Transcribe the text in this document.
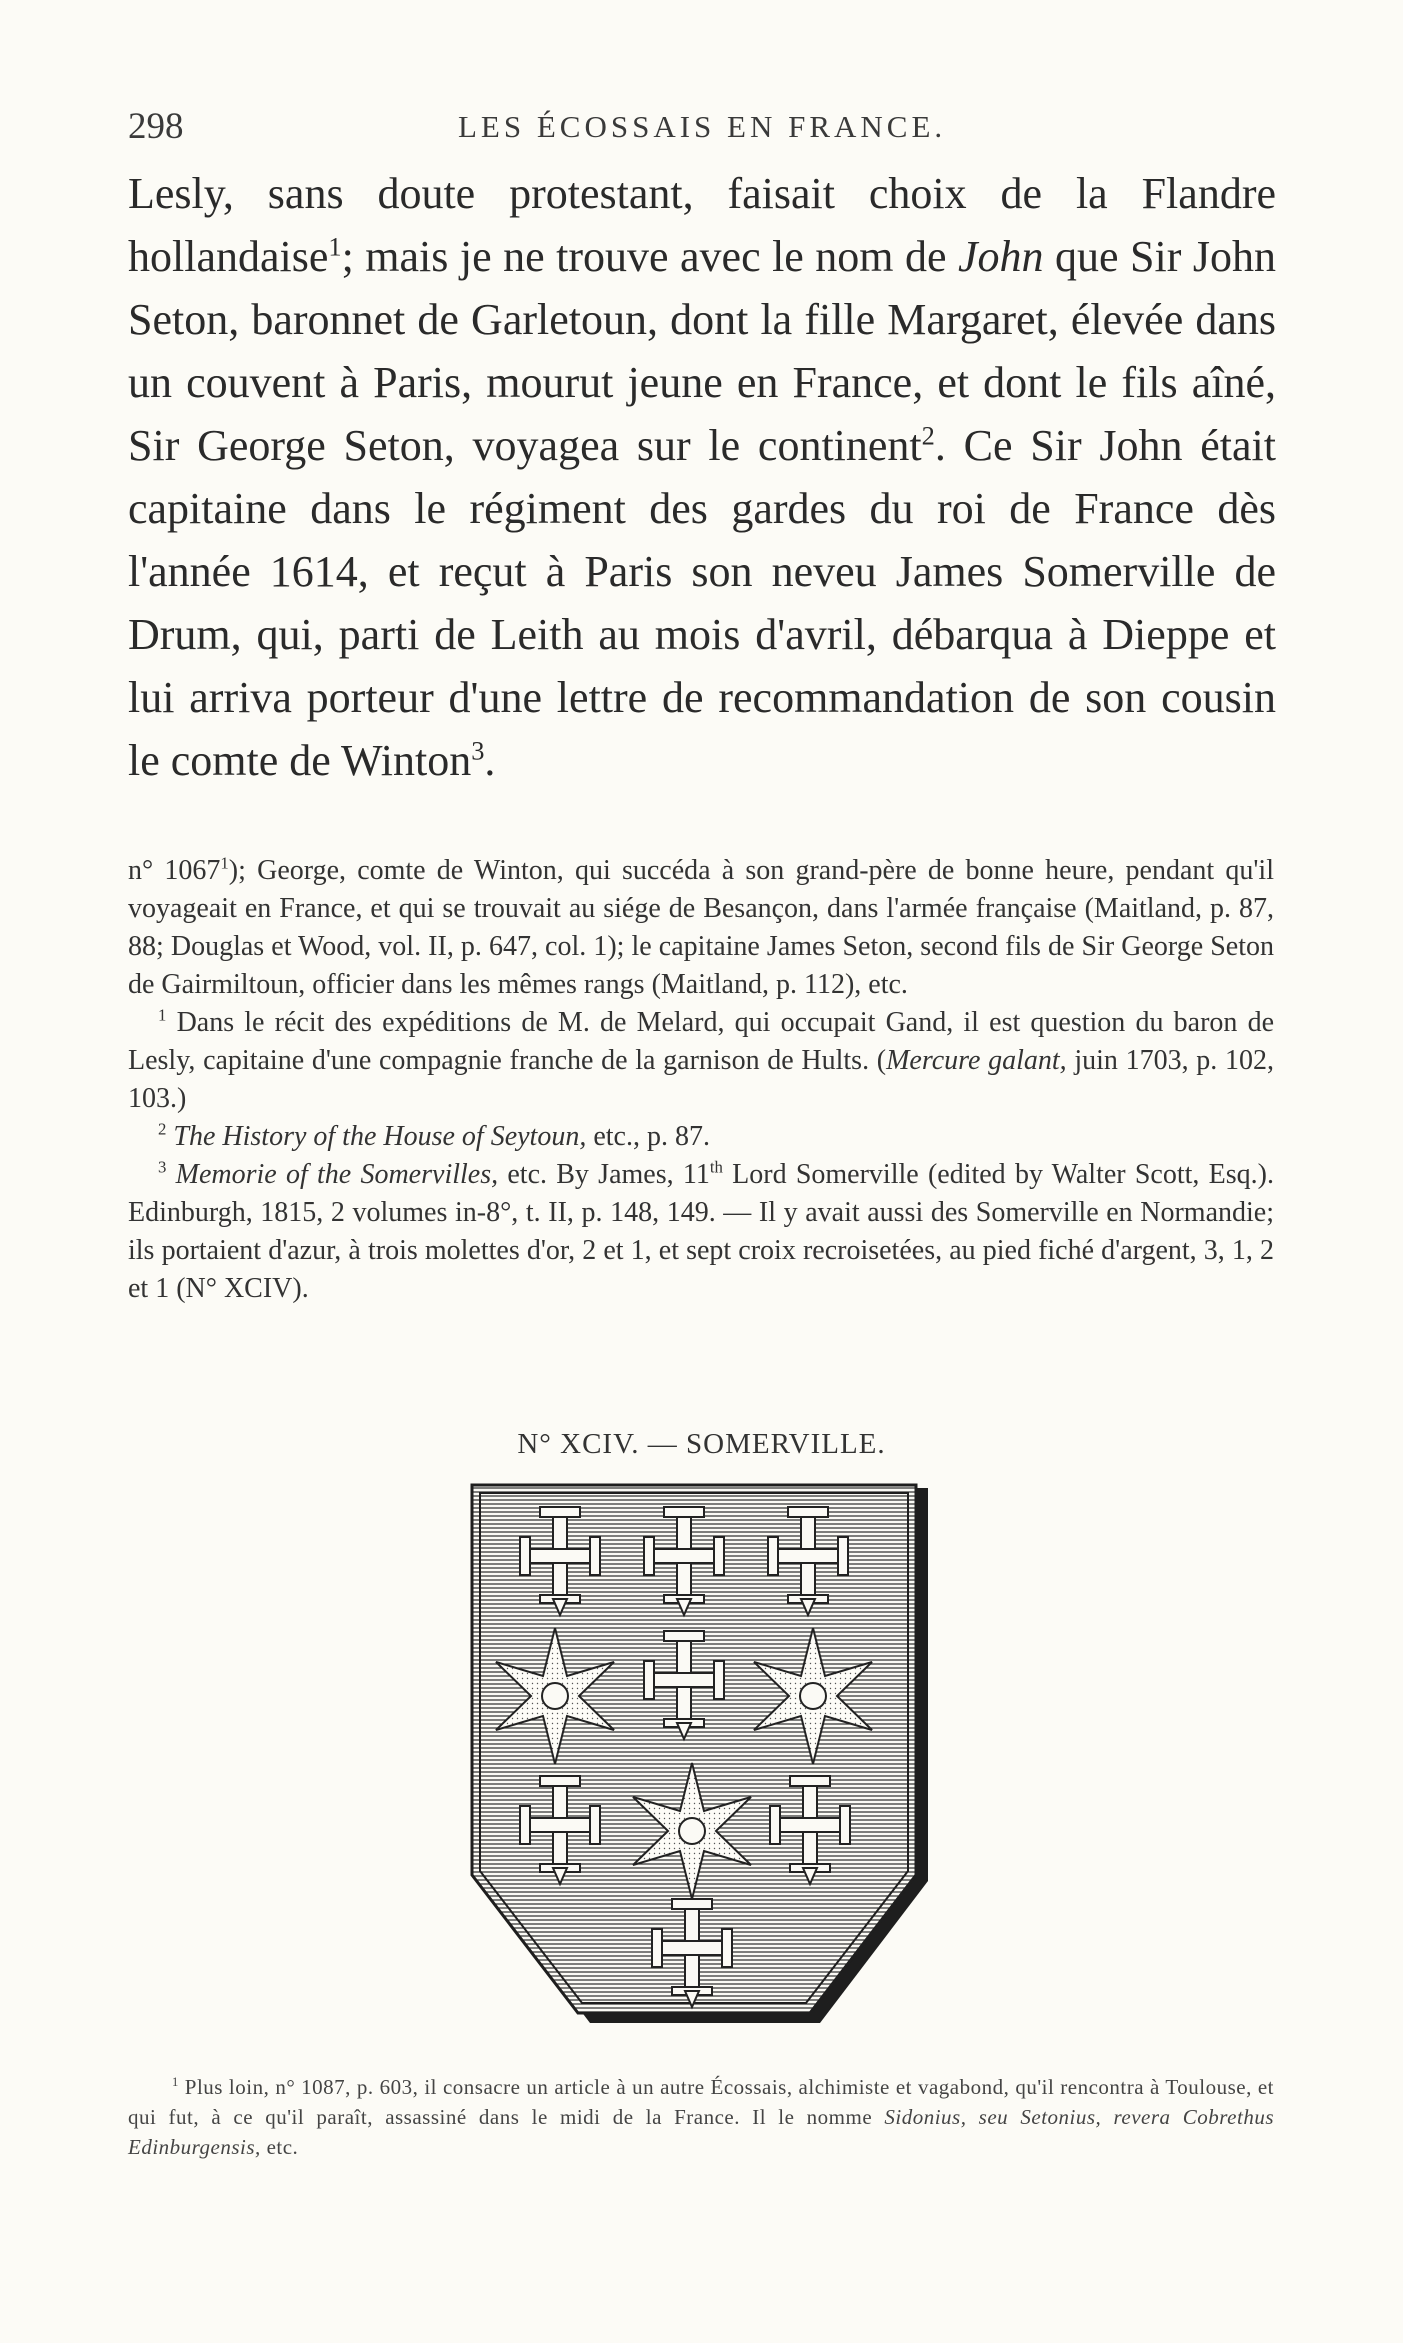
298	LES ÉCOSSAIS EN FRANCE.

Lesly, sans doute protestant, faisait choix de la Flandre hollandaise$^1$; mais je ne trouve avec le nom de John que Sir John Seton, baronnet de Garletoun, dont la fille Margaret, élevée dans un couvent à Paris, mourut jeune en France, et dont le fils aîné, Sir George Seton, voyagea sur le continent$^2$. Ce Sir John était capitaine dans le régiment des gardes du roi de France dès l'année 1614, et reçut à Paris son neveu James Somerville de Drum, qui, parti de Leith au mois d'avril, débarqua à Dieppe et lui arriva porteur d'une lettre de recommandation de son cousin le comte de Winton$^3$.

n° 1067$^1$); George, comte de Winton, qui succéda à son grand-père de bonne heure, pendant qu'il voyageait en France, et qui se trouvait au siége de Besançon, dans l'armée française (Maitland, p. 87, 88; Douglas et Wood, vol. II, p. 647, col. 1); le capitaine James Seton, second fils de Sir George Seton de Gairmiltoun, officier dans les mêmes rangs (Maitland, p. 112), etc.

$^1$ Dans le récit des expéditions de M. de Melard, qui occupait Gand, il est question du baron de Lesly, capitaine d'une compagnie franche de la garnison de Hults. (Mercure galant, juin 1703, p. 102, 103.)

$^2$ The History of the House of Seytoun, etc., p. 87.

$^3$ Memorie of the Somervilles, etc. By James, 11th Lord Somerville (edited by Walter Scott, Esq.). Edinburgh, 1815, 2 volumes in-8°, t. II, p. 148, 149. — Il y avait aussi des Somerville en Normandie; ils portaient d'azur, à trois molettes d'or, 2 et 1, et sept croix recroisetées, au pied fiché d'argent, 3, 1, 2 et 1 (N° XCIV).

N° XCIV. — SOMERVILLE.

$^1$ Plus loin, n° 1087, p. 603, il consacre un article à un autre Écossais, alchimiste et vagabond, qu'il rencontra à Toulouse, et qui fut, à ce qu'il paraît, assassiné dans le midi de la France. Il le nomme Sidonius, seu Setonius, revera Cobrethus Edinburgensis, etc.
